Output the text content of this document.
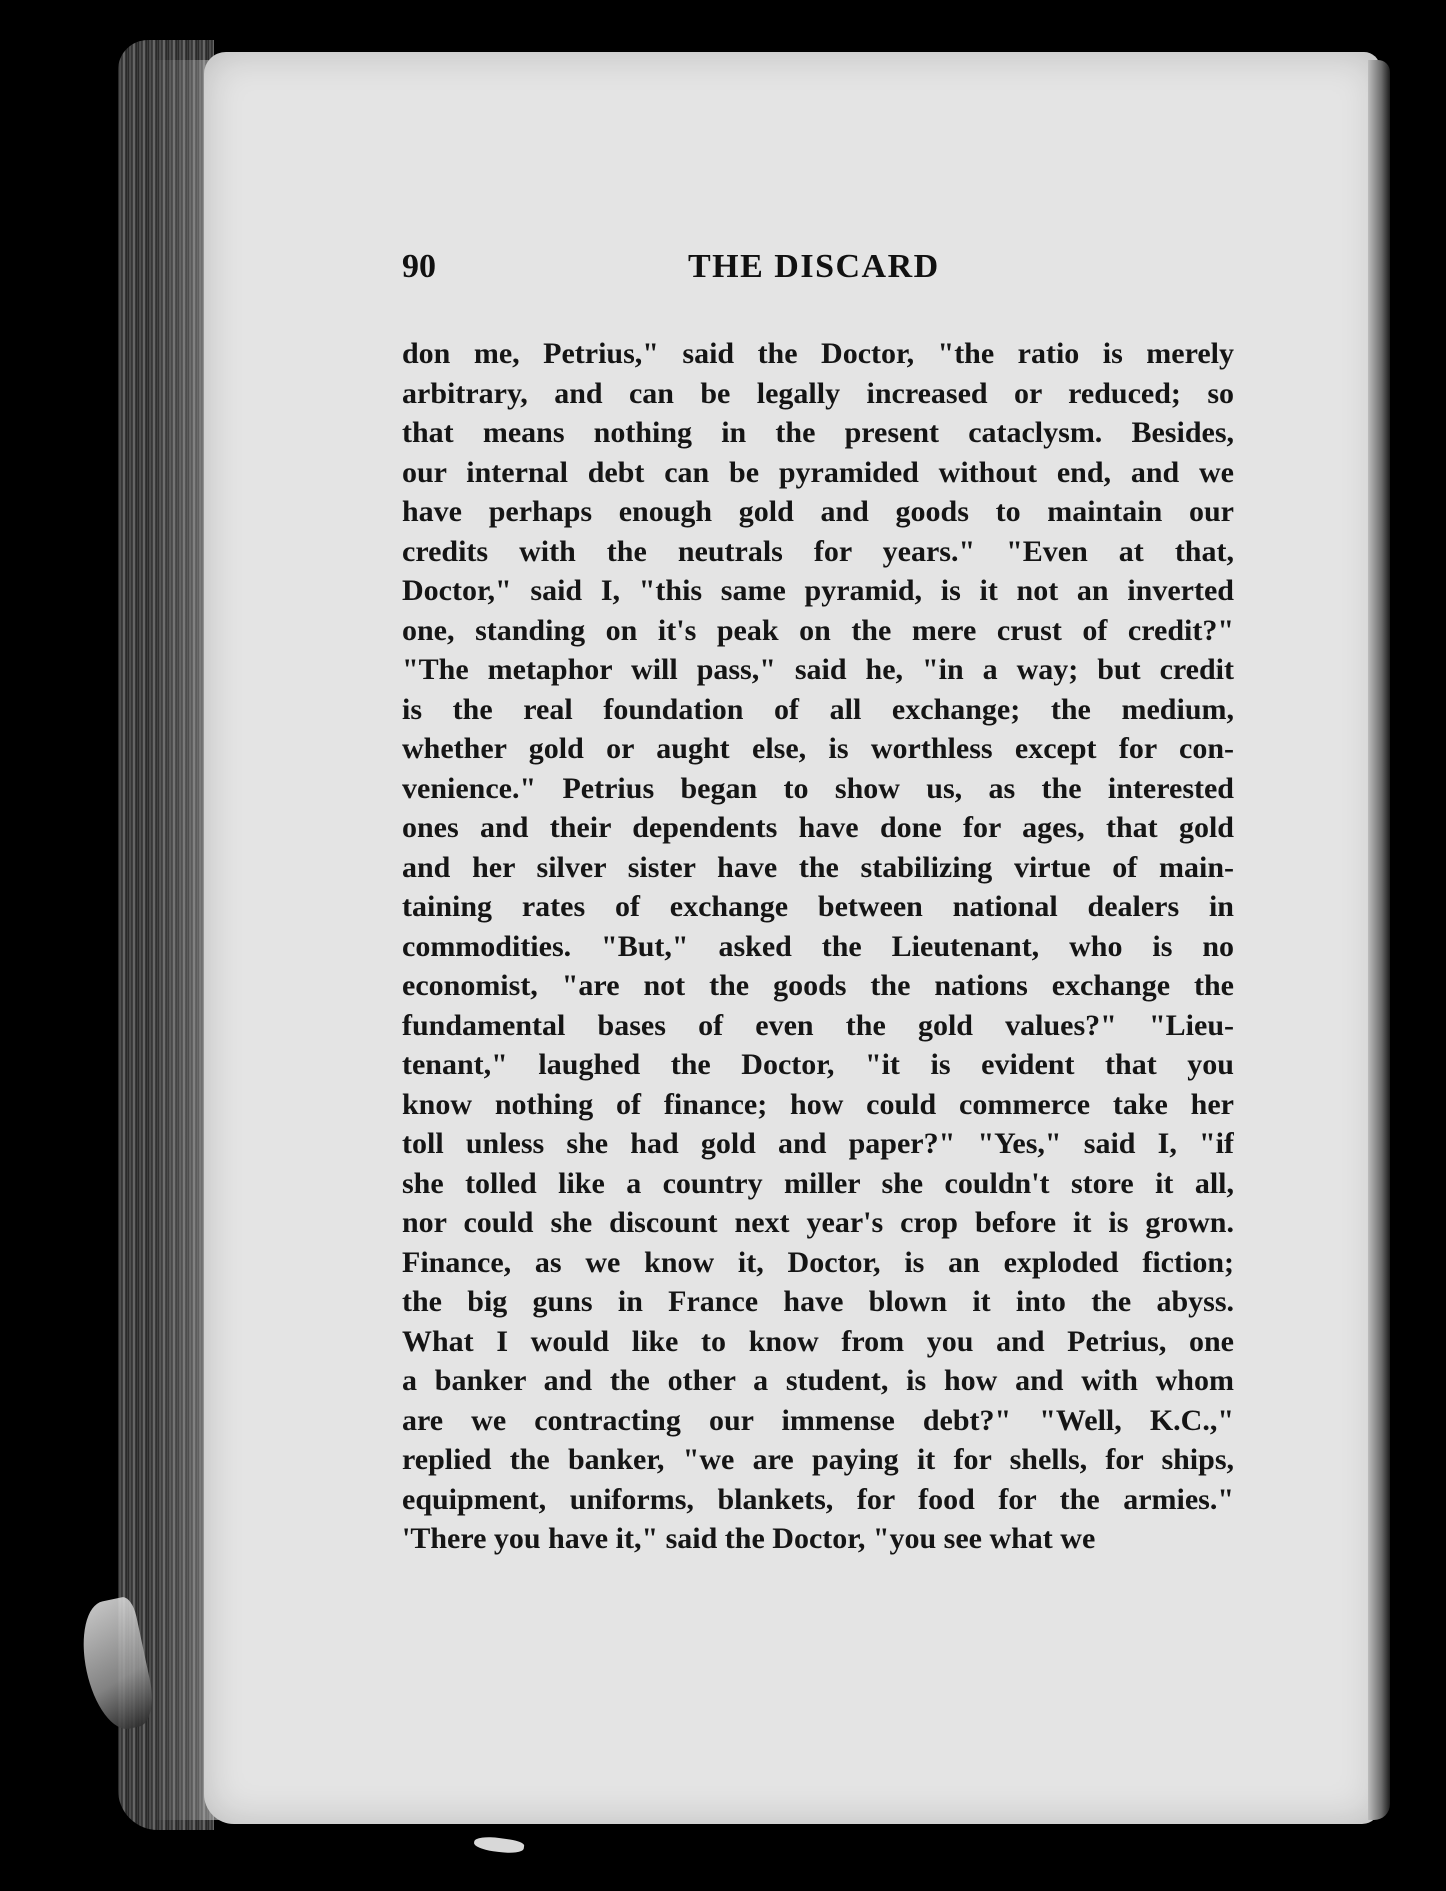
90	THE DISCARD
don me, Petrius," said the Doctor, "the ratio is merely
arbitrary, and can be legally increased or reduced; so
that means nothing in the present cataclysm. Besides,
our internal debt can be pyramided without end, and we
have perhaps enough gold and goods to maintain our
credits with the neutrals for years." "Even at that,
Doctor," said I, "this same pyramid, is it not an inverted
one, standing on it's peak on the mere crust of credit?"
"The metaphor will pass," said he, "in a way; but credit
is the real foundation of all exchange; the medium,
whether gold or aught else, is worthless except for con-
venience." Petrius began to show us, as the interested
ones and their dependents have done for ages, that gold
and her silver sister have the stabilizing virtue of main-
taining rates of exchange between national dealers in
commodities. "But," asked the Lieutenant, who is no
economist, "are not the goods the nations exchange the
fundamental bases of even the gold values?" "Lieu-
tenant," laughed the Doctor, "it is evident that you
know nothing of finance; how could commerce take her
toll unless she had gold and paper?" "Yes," said I, "if
she tolled like a country miller she couldn't store it all,
nor could she discount next year's crop before it is grown.
Finance, as we know it, Doctor, is an exploded fiction;
the big guns in France have blown it into the abyss.
What I would like to know from you and Petrius, one
a banker and the other a student, is how and with whom
are we contracting our immense debt?" "Well, K.C.,"
replied the banker, "we are paying it for shells, for ships,
equipment, uniforms, blankets, for food for the armies."
'There you have it," said the Doctor, "you see what we
